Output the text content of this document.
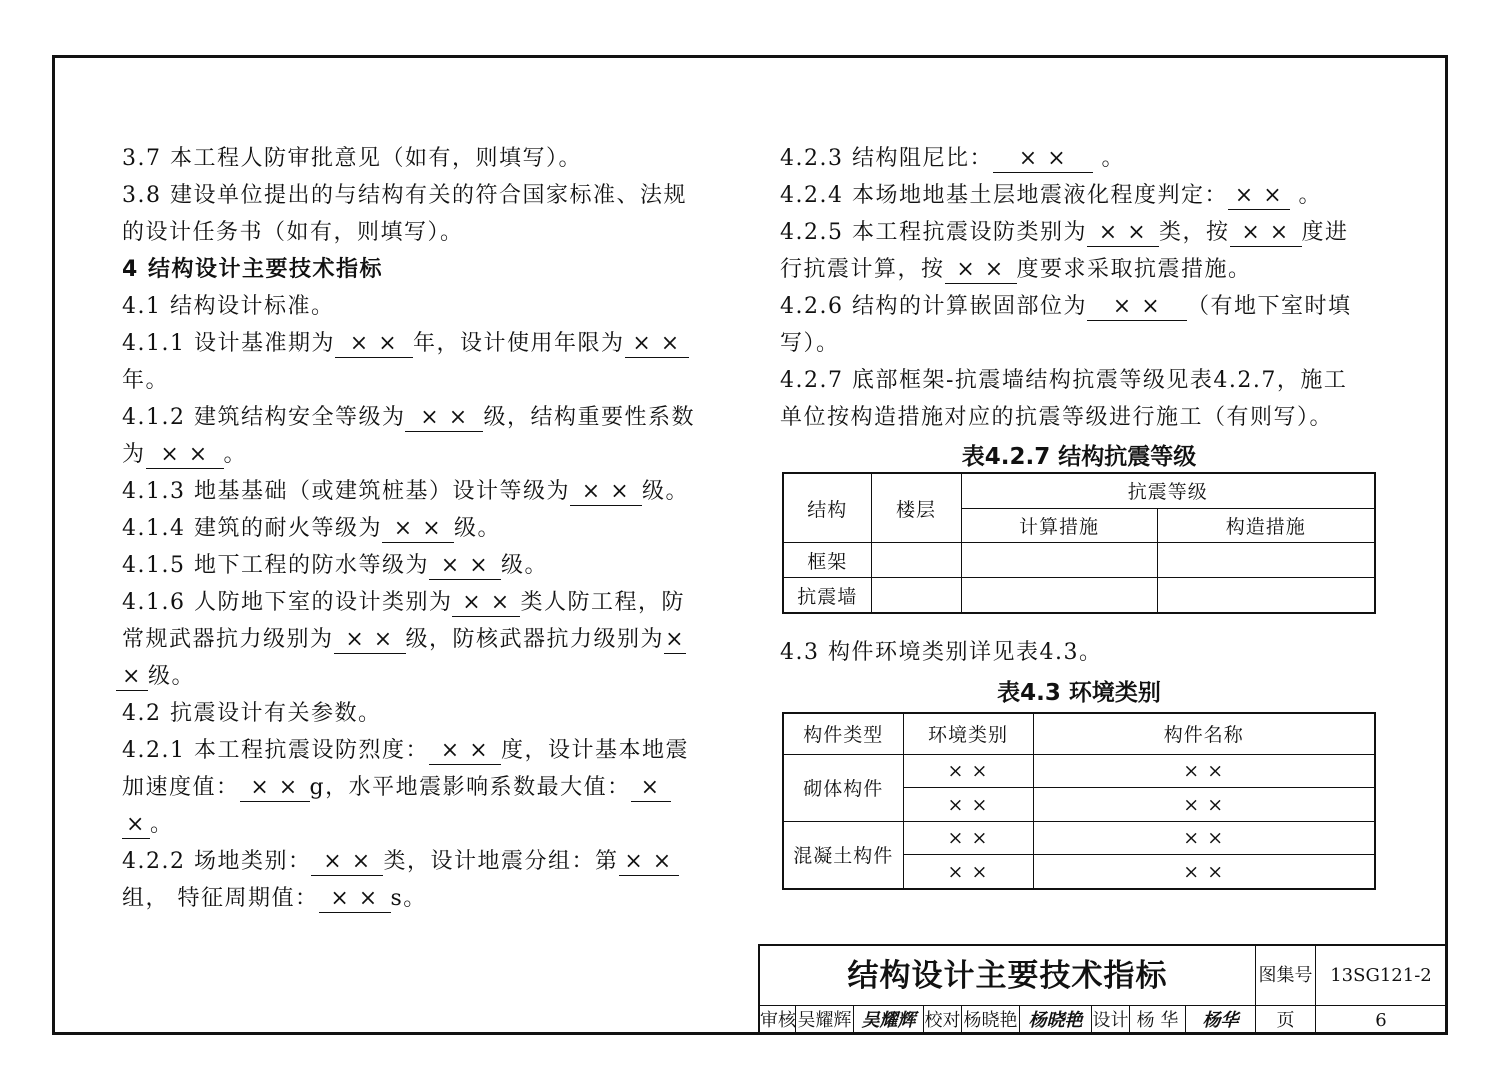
3.7 本工程人防审批意见（如有，则填写）。

3.8 建设单位提出的与结构有关的符合国家标准、法规

的设计任务书（如有，则填写）。

4 结构设计主要技术指标

4.1 结构设计标准。

4.1.1 设计基准期为 × × 年，设计使用年限为 × ×

年。

4.1.2 建筑结构安全等级为 × × 级，结构重要性系数

为 × × 。

4.1.3 地基基础（或建筑桩基）设计等级为 × × 级。

4.1.4 建筑的耐火等级为 × × 级。

4.1.5 地下工程的防水等级为 × × 级。

4.1.6 人防地下室的设计类别为 × × 类人防工程，防

常规武器抗力级别为 × × 级，防核武器抗力级别为×

× 级。

4.2 抗震设计有关参数。

4.2.1 本工程抗震设防烈度： × × 度，设计基本地震

加速度值： × × g，水平地震影响系数最大值： ×

× 。

4.2.2 场地类别： × × 类，设计地震分组：第 × ×

组， 特征周期值： × × s。

4.2.3 结构阻尼比： × × 。

4.2.4 本场地地基土层地震液化程度判定： × × 。

4.2.5 本工程抗震设防类别为 × × 类，按 × × 度进

行抗震计算，按 × × 度要求采取抗震措施。

4.2.6 结构的计算嵌固部位为 × × （有地下室时填

写）。

4.2.7 底部框架-抗震墙结构抗震等级见表4.2.7，施工

单位按构造措施对应的抗震等级进行施工（有则写）。

表4.2.7 结构抗震等级
结构	楼层	抗震等级	
		计算措施	构造措施
框架			
抗震墙			

4.3 构件环境类别详见表4.3。

表4.3 环境类别
构件类型	环境类别	构件名称
砌体构件	× ×	× ×
	× ×	× ×
混凝土构件	× ×	× ×
	× ×	× ×
结构设计主要技术指标	图集号 13SG121-2
审核 吴耀辉 吴耀辉 校对 杨晓艳 杨晓艳 设计 杨 华	杨华	页	6
